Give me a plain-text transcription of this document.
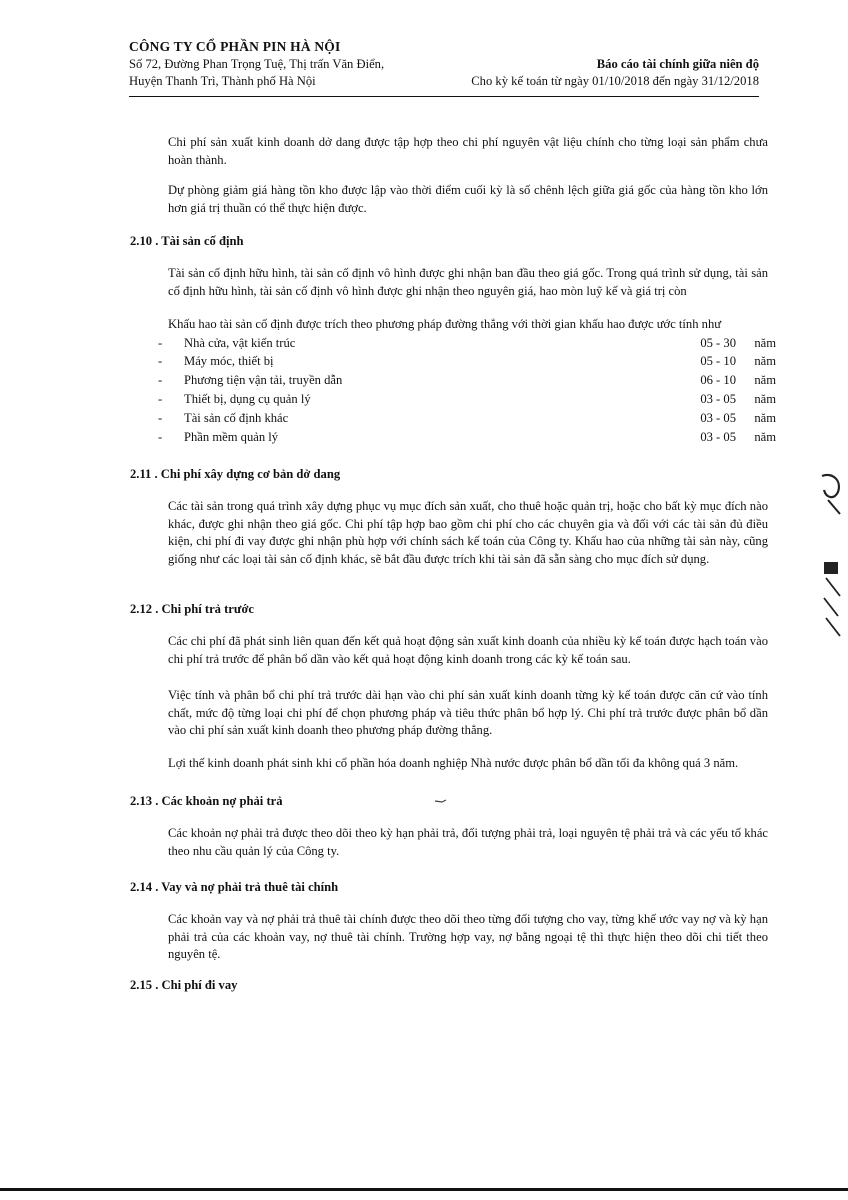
CÔNG TY CỔ PHẦN PIN HÀ NỘI
Số 72, Đường Phan Trọng Tuệ, Thị trấn Văn Điển,	Báo cáo tài chính giữa niên độ
Huyện Thanh Trì, Thành phố Hà Nội	Cho kỳ kế toán từ ngày 01/10/2018 đến ngày 31/12/2018
Chi phí sản xuất kinh doanh dở dang được tập hợp theo chi phí nguyên vật liệu chính cho từng loại sản phẩm chưa hoàn thành.
Dự phòng giảm giá hàng tồn kho được lập vào thời điểm cuối kỳ là số chênh lệch giữa giá gốc của hàng tồn kho lớn hơn giá trị thuần có thể thực hiện được.
2.10 . Tài sản cố định
Tài sản cố định hữu hình, tài sản cố định vô hình được ghi nhận ban đầu theo giá gốc. Trong quá trình sử dụng, tài sản cố định hữu hình, tài sản cố định vô hình được ghi nhận theo nguyên giá, hao mòn luỹ kế và giá trị còn
Khấu hao tài sản cố định được trích theo phương pháp đường thẳng với thời gian khấu hao được ước tính như
-	Nhà cửa, vật kiến trúc	05 - 30	năm
-	Máy móc, thiết bị	05 - 10	năm
-	Phương tiện vận tải, truyền dẫn	06 - 10	năm
-	Thiết bị, dụng cụ quản lý	03 - 05	năm
-	Tài sản cố định khác	03 - 05	năm
-	Phần mềm quản lý	03 - 05	năm
2.11 . Chi phí xây dựng cơ bản dở dang
Các tài sản trong quá trình xây dựng phục vụ mục đích sản xuất, cho thuê hoặc quản trị, hoặc cho bất kỳ mục đích nào khác, được ghi nhận theo giá gốc. Chi phí tập hợp bao gồm chi phí cho các chuyên gia và đối với các tài sản đủ điều kiện, chi phí đi vay được ghi nhận phù hợp với chính sách kế toán của Công ty. Khấu hao của những tài sản này, cũng giống như các loại tài sản cố định khác, sẽ bắt đầu được trích khi tài sản đã sẵn sàng cho mục đích sử dụng.
2.12 . Chi phí trả trước
Các chi phí đã phát sinh liên quan đến kết quả hoạt động sản xuất kinh doanh của nhiều kỳ kế toán được hạch toán vào chi phí trả trước để phân bổ dần vào kết quả hoạt động kinh doanh trong các kỳ kế toán sau.
Việc tính và phân bổ chi phí trả trước dài hạn vào chi phí sản xuất kinh doanh từng kỳ kế toán được căn cứ vào tính chất, mức độ từng loại chi phí để chọn phương pháp và tiêu thức phân bổ hợp lý. Chi phí trả trước được phân bổ dần vào chi phí sản xuất kinh doanh theo phương pháp đường thẳng.
Lợi thế kinh doanh phát sinh khi cổ phần hóa doanh nghiệp Nhà nước được phân bổ dần tối đa không quá 3 năm.
2.13 . Các khoản nợ phải trả
Các khoản nợ phải trả được theo dõi theo kỳ hạn phải trả, đối tượng phải trả, loại nguyên tệ phải trả và các yếu tố khác theo nhu cầu quản lý của Công ty.
2.14 . Vay và nợ phải trả thuê tài chính
Các khoản vay và nợ phải trả thuê tài chính được theo dõi theo từng đối tượng cho vay, từng khế ước vay nợ và kỳ hạn phải trả của các khoản vay, nợ thuê tài chính. Trường hợp vay, nợ bằng ngoại tệ thì thực hiện theo dõi chi tiết theo nguyên tệ.
2.15 . Chi phí đi vay
